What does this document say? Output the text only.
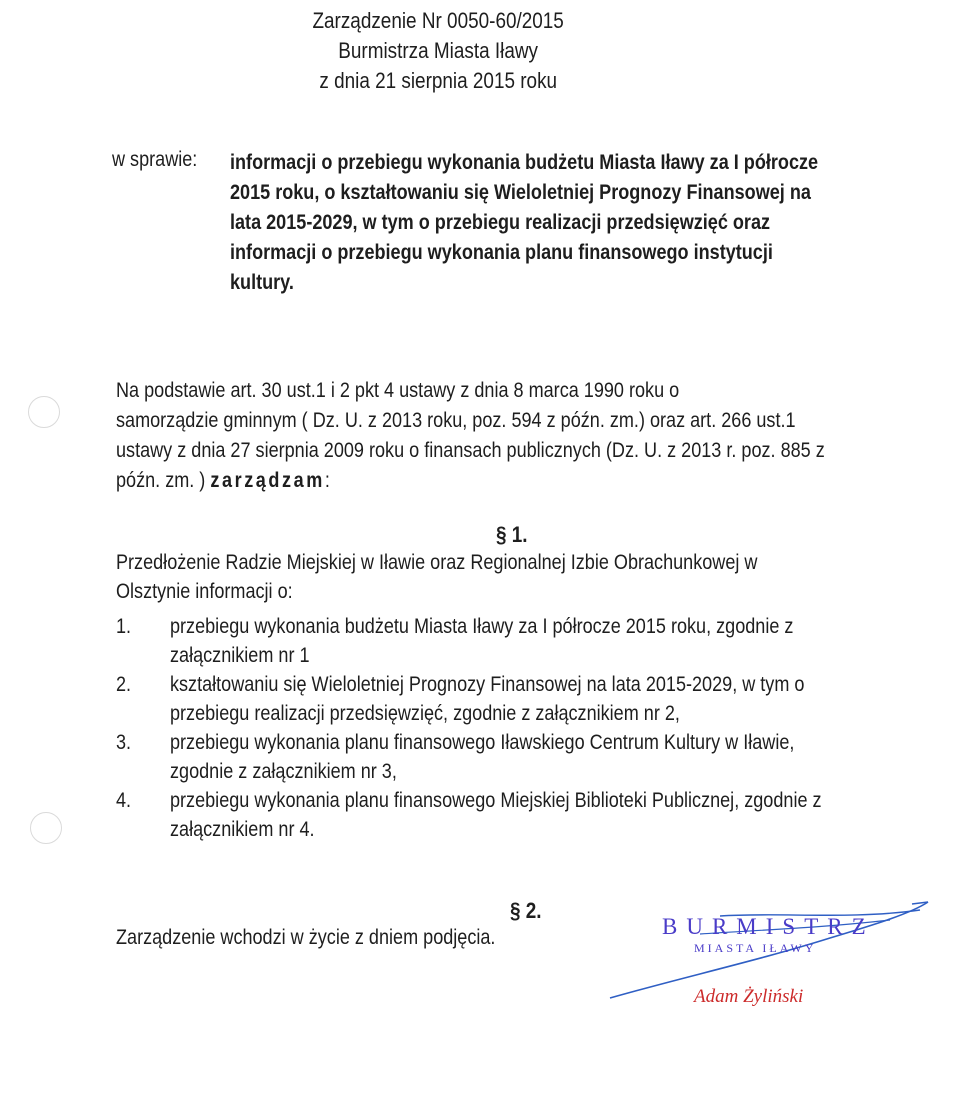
Zarządzenie Nr 0050-60/2015
Burmistrza Miasta Iławy
z dnia 21 sierpnia 2015 roku
w sprawie:	informacji o przebiegu wykonania budżetu Miasta Iławy za I półrocze
2015 roku, o kształtowaniu się Wieloletniej Prognozy Finansowej na
lata 2015-2029, w tym o przebiegu realizacji przedsięwzięć oraz
informacji o przebiegu wykonania planu finansowego instytucji
kultury.
Na podstawie art. 30 ust.1 i 2 pkt 4 ustawy z dnia 8 marca 1990 roku o
samorządzie gminnym ( Dz. U. z 2013 roku, poz. 594 z późn. zm.) oraz art. 266 ust.1
ustawy z dnia 27 sierpnia 2009 roku o finansach publicznych (Dz. U. z 2013 r. poz. 885 z
późn. zm. ) zarządzam:
§ 1.
Przedłożenie Radzie Miejskiej w Iławie oraz Regionalnej Izbie Obrachunkowej w
Olsztynie informacji o:
1. przebiegu wykonania budżetu Miasta Iławy za I półrocze 2015 roku, zgodnie z
załącznikiem nr 1
2. kształtowaniu się Wieloletniej Prognozy Finansowej na lata 2015-2029, w tym o
przebiegu realizacji przedsięwzięć, zgodnie z załącznikiem nr 2,
3. przebiegu wykonania planu finansowego Iławskiego Centrum Kultury w Iławie,
zgodnie z załącznikiem nr 3,
4. przebiegu wykonania planu finansowego Miejskiej Biblioteki Publicznej, zgodnie z
załącznikiem nr 4.
§ 2.
Zarządzenie wchodzi w życie z dniem podjęcia.	BURMISTRZ
MIASTA IŁAWY
Adam Żyliński
